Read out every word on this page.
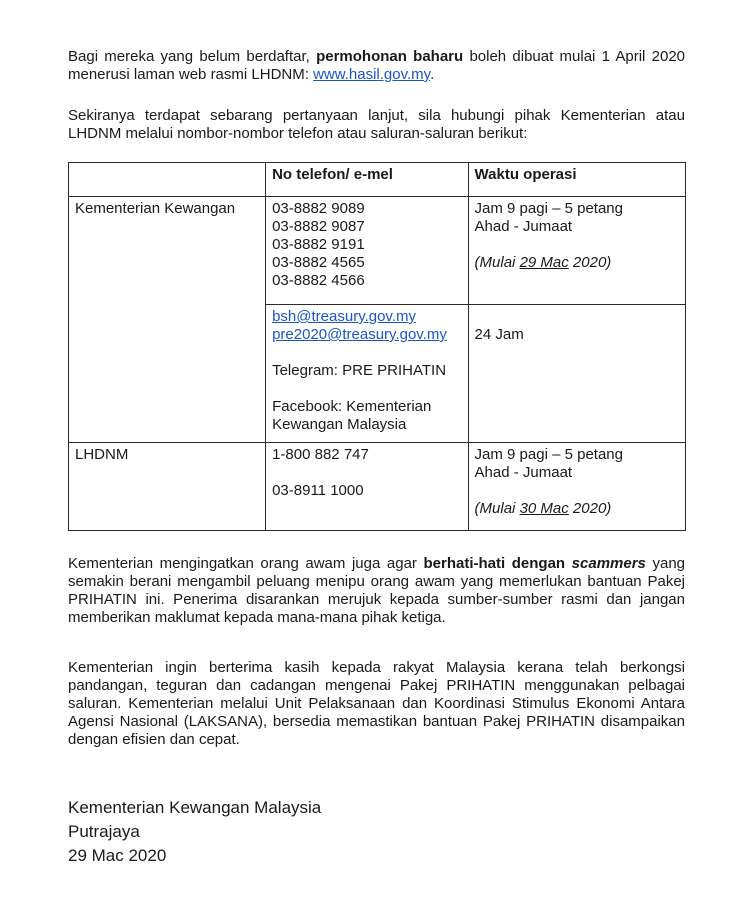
Bagi mereka yang belum berdaftar, permohonan baharu boleh dibuat mulai 1 April 2020
menerusi laman web rasmi LHDNM: www.hasil.gov.my.

Sekiranya terdapat sebarang pertanyaan lanjut, sila hubungi pihak Kementerian atau
LHDNM melalui nombor-nombor telefon atau saluran-saluran berikut:

	No telefon/ e-mel	Waktu operasi

Kementerian Kewangan	03-8882 9089
03-8882 9087
03-8882 9191
03-8882 4565
03-8882 4566	Jam 9 pagi – 5 petang
Ahad - Jumaat
(Mulai 29 Mac 2020)

	bsh@treasury.gov.my
pre2020@treasury.gov.my
Telegram: PRE PRIHATIN
Facebook: Kementerian
Kewangan Malaysia	24 Jam

LHDNM	1-800 882 747
03-8911 1000	Jam 9 pagi – 5 petang
Ahad - Jumaat
(Mulai 30 Mac 2020)

Kementerian mengingatkan orang awam juga agar berhati-hati dengan scammers yang
semakin berani mengambil peluang menipu orang awam yang memerlukan bantuan Pakej
PRIHATIN ini. Penerima disarankan merujuk kepada sumber-sumber rasmi dan jangan
memberikan maklumat kepada mana-mana pihak ketiga.

Kementerian ingin berterima kasih kepada rakyat Malaysia kerana telah berkongsi
pandangan, teguran dan cadangan mengenai Pakej PRIHATIN menggunakan pelbagai
saluran. Kementerian melalui Unit Pelaksanaan dan Koordinasi Stimulus Ekonomi Antara
Agensi Nasional (LAKSANA), bersedia memastikan bantuan Pakej PRIHATIN disampaikan
dengan efisien dan cepat.

Kementerian Kewangan Malaysia
Putrajaya
29 Mac 2020
